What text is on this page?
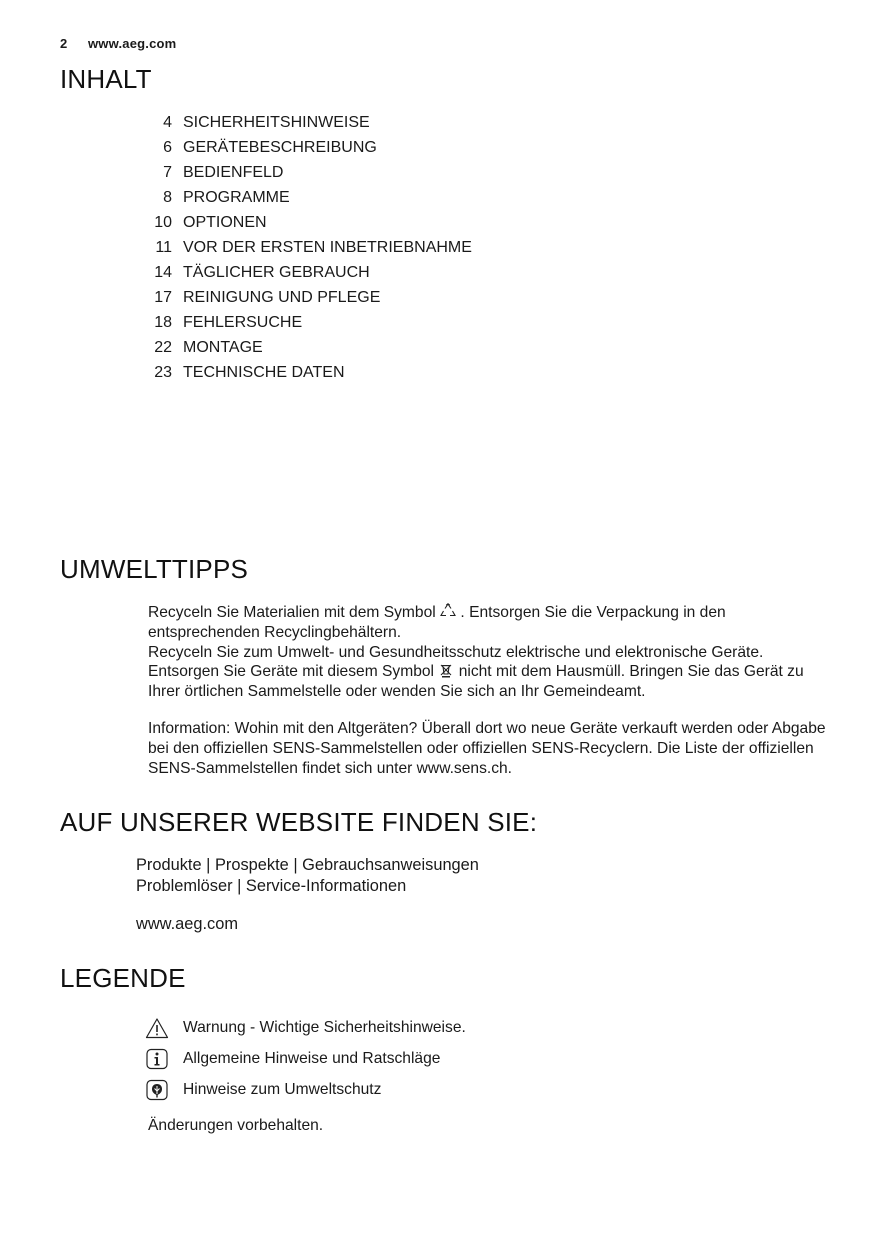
2 www.aeg.com
INHALT
4 SICHERHEITSHINWEISE
6 GERÄTEBESCHREIBUNG
7 BEDIENFELD
8 PROGRAMME
10 OPTIONEN
11 VOR DER ERSTEN INBETRIEBNAHME
14 TÄGLICHER GEBRAUCH
17 REINIGUNG UND PFLEGE
18 FEHLERSUCHE
22 MONTAGE
23 TECHNISCHE DATEN
UMWELTTIPPS

Recyceln Sie Materialien mit dem Symbol . Entsorgen Sie die Verpackung in den entsprechenden Recyclingbehältern.

Recyceln Sie zum Umwelt- und Gesundheitsschutz elektrische und elektronische Geräte.

Entsorgen Sie Geräte mit diesem Symbol nicht mit dem Hausmüll. Bringen Sie das Gerät zu Ihrer örtlichen Sammelstelle oder wenden Sie sich an Ihr Gemeindeamt.

Information: Wohin mit den Altgeräten? Überall dort wo neue Geräte verkauft werden oder Abgabe bei den offiziellen SENS-Sammelstellen oder offiziellen SENS-Recyclern. Die Liste der offiziellen SENS-Sammelstellen findet sich unter www.sens.ch.

AUF UNSERER WEBSITE FINDEN SIE:

Produkte | Prospekte | Gebrauchsanweisungen

Problemlöser | Service-Informationen

www.aeg.com

LEGENDE
Warnung - Wichtige Sicherheitshinweise.
Allgemeine Hinweise und Ratschläge
Hinweise zum Umweltschutz
Änderungen vorbehalten.
